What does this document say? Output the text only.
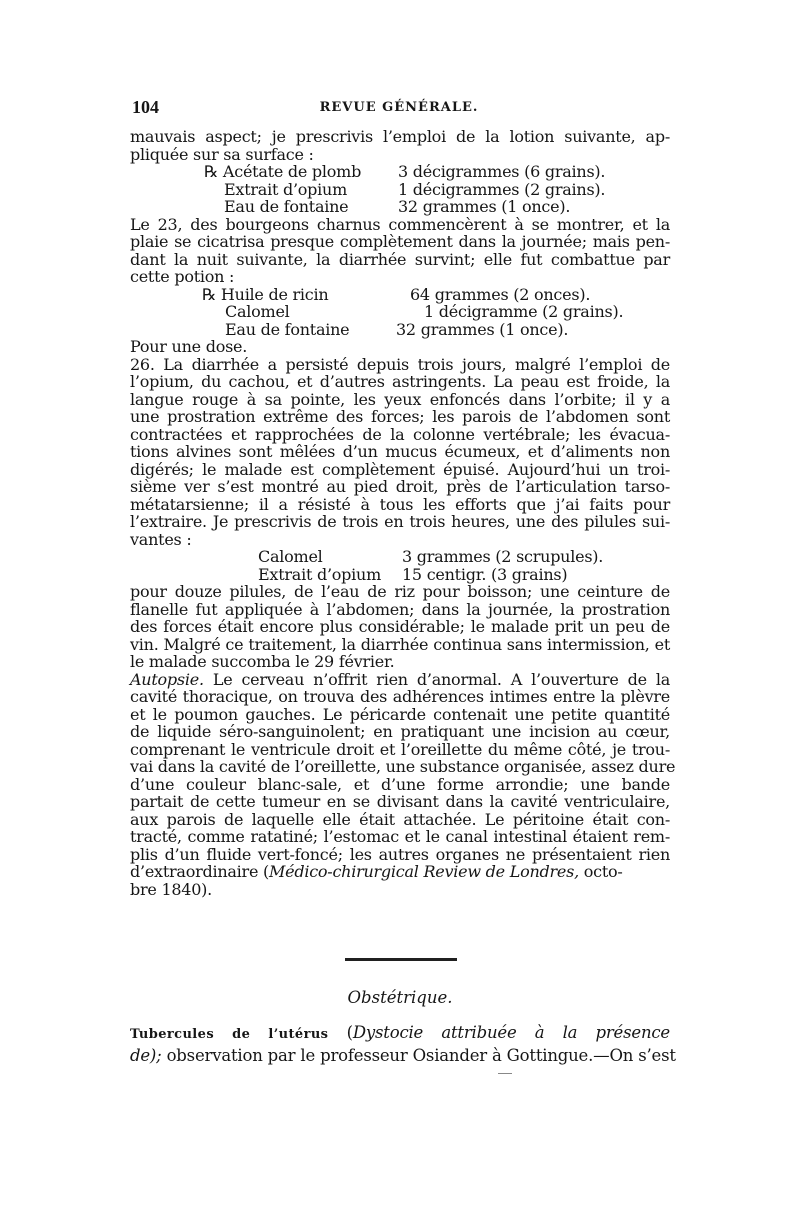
104	REVUE GÉNÉRALE.
mauvais aspect; je prescrivis l’emploi de la lotion suivante, ap-
pliquée sur sa surface :
℞ Acétate de plomb 3 décigrammes (6 grains).
Extrait d’opium	1 décigrammes (2 grains).
Eau de fontaine	32 grammes (1 once).
Le 23, des bourgeons charnus commencèrent à se montrer, et la
plaie se cicatrisa presque complètement dans la journée; mais pen-
dant la nuit suivante, la diarrhée survint; elle fut combattue par
cette potion :
℞ Huile de ricin	64 grammes (2 onces).
Calomel	1 décigramme (2 grains).
Eau de fontaine	32 grammes (1 once).
Pour une dose.
26. La diarrhée a persisté depuis trois jours, malgré l’emploi de
l’opium, du cachou, et d’autres astringents. La peau est froide, la
langue rouge à sa pointe, les yeux enfoncés dans l’orbite; il y a
une prostration extrême des forces; les parois de l’abdomen sont
contractées et rapprochées de la colonne vertébrale; les évacua-
tions alvines sont mêlées d’un mucus écumeux, et d’aliments non
digérés; le malade est complètement épuisé. Aujourd’hui un troi-
sième ver s’est montré au pied droit, près de l’articulation tarso-
métatarsienne; il a résisté à tous les efforts que j’ai faits pour
l’extraire. Je prescrivis de trois en trois heures, une des pilules sui-
vantes :
Calomel	3 grammes (2 scrupules).
Extrait d’opium 15 centigr. (3 grains)
pour douze pilules, de l’eau de riz pour boisson; une ceinture de
flanelle fut appliquée à l’abdomen; dans la journée, la prostration
des forces était encore plus considérable; le malade prit un peu de
vin. Malgré ce traitement, la diarrhée continua sans intermission, et
le malade succomba le 29 février.
Autopsie. Le cerveau n’offrit rien d’anormal. A l’ouverture de la
cavité thoracique, on trouva des adhérences intimes entre la plèvre
et le poumon gauches. Le péricarde contenait une petite quantité
de liquide séro-sanguinolent; en pratiquant une incision au cœur,
comprenant le ventricule droit et l’oreillette du même côté, je trou-
vai dans la cavité de l’oreillette, une substance organisée, assez dure
d’une couleur blanc-sale, et d’une forme arrondie; une bande
partait de cette tumeur en se divisant dans la cavité ventriculaire,
aux parois de laquelle elle était attachée. Le péritoine était con-
tracté, comme ratatiné; l’estomac et le canal intestinal étaient rem-
plis d’un fluide vert-foncé; les autres organes ne présentaient rien
d’extraordinaire (Médico-chirurgical Review de Londres, octo-
bre 1840).
Obstétrique.
Tubercules de l’utérus (Dystocie attribuée à la présence
de); observation par le professeur Osiander à Gottingue.—On s’est
